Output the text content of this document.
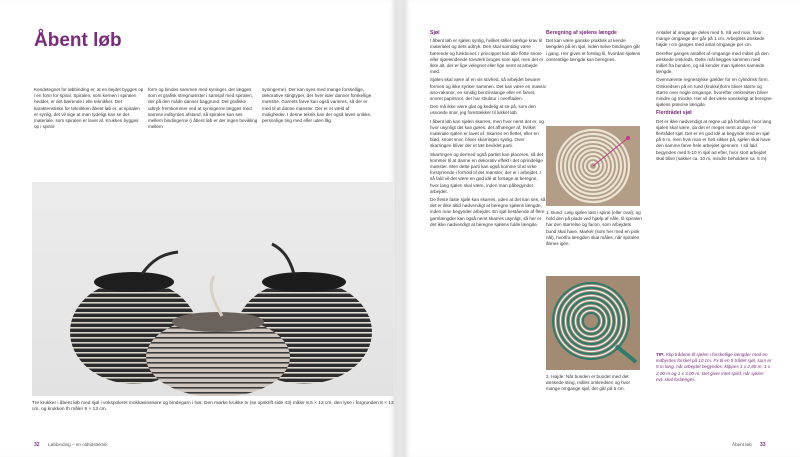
Åbent løb
Kendetegnet for løbbinding er, at en bejdet bygges op i en form for spiral. Spiralen, som kernen i spiralen hedder, er det bærende i elle teknikker. Det karakteristiske for teknikken åbent løb er, at spiralen er synlig, det vil sige at man tydeligt kan se det materiale, som spiralen er lavet af. Krukken bygges op i spiral-
form og bindes sammen med syninger, der lægges som et grafisk stregmønster i samspil med spiralen, der på den måde danner baggrund. Det grafiske udtryk fremkommer ved at syningerne lægges med samme indbyrdes afstand, så spiralen kan ses mellem bindingerne (i åbent løb er der ingen bevikling mellem
syningerne). Der kan syes med mange forskellige, dekorative stingtyper, der hver især danner forskellige mønstre. Garnets farve kan også varieres, så der er med til at danne mønster. Der er et væld af muligheder. I denne teknik kan der også laves unikke, personlige ting med eller uden låg.
Tre krukker i åbent løb med sjøl i vokspoleret mokkasinsnøre og bindegarn i hør. Den mørke krukke tv (se opskrift side 43) måler 8,5 × 13 cm, den lyse i forgrunden 8 × 13 cm, og krukken th måler 9 × 13 cm.
32 Løbbinding – en oldtidsteknik

Sjøl

I åbent løb er sjølen synlig, hvilket stiller særlige krav til materialet og dets udtryk. Den skal samtidig være bærende og funktionel. I princippet kan alle flotte snore eller sjøelendende tovværk bruges som sjøl, men det er ikke alt, der er lige velegnet eller lige nemt at arbejde med.

Sjølen skal være af en vis stivhed, så arbejdet bevarer formen og ikke synker sammen. Det kan være en massiv ano-rakonor, en smidig benzinslange eller en farvet, snoret papirsnor, der har struktur i overfladen.

Den må ikke være glat og kedelig at se på, som den usnoede snor, jeg foretrækker til lukket løb.

I åbent løb kan sjølen skarres, men hvor nemt det er, og hvor usynligt det kan gøres, det afhænger af, hvilket materiale sjølen er lavet af. Skarres en flettet, eller en blød, snoet snor, bliver skarringen synlig. Over skarringen bliver der et tæt beviklet parti.

Skarringen og dermed også partiet kan placeres, så det kommer til at danne en dekorativ effekt i det oprindelige mønster. Men dette parti kan også komme til at virke forstyrrende i forhold til det mønster, der er i arbejdet. I så fald vil det være en god idé at forsøge at beregne, hvor lang sjølen skal være, inden man påbegynder arbejdet.

De fleste faste sjøle kan skarres, uden at det kan ses, så det er ikke altid nødvendigt at beregne sjølens længde, inden man begynder arbejdet. En sjøl bestående af flere garnlængder kan også nemt skarres usynligt, så her er det ikke nødvendigt at beregne sjølens fulde længde.

Beregning af sjølens længde

Det kan være ganske praktisk at kende længden på en sjøl, inden selve bindingen går i gang. Her gives et forslag til, hvordan sjølens omtrentlige længde kan beregnes.

1. Bund: Læg sjølen løst i spiral (eller oval), og hold den på plads ved hjælp af nåle, til spiralen har den størrelse og facon, som arbejdets bund skal have. Markér (som her med en pink nål), hvorfra længden skal måles, når spiralen åbnes igen.
2. Højde: Når bunden er bundet med det ønskede sting, måles omkredsen og hvor mange omgange sjøl, der går på 5 cm.

Antallet af omgange deles med 5. Så ved man, hvor mange omgange der går på 1 cm. Arbejdets ønskede højde i cm ganges med antal omgange per cm.

Derefter ganges antallet af omgange med målet på den ønskede omkreds. Dette mål lægges sammen med målet fra bunden, og så kender man sjølens samlede længde.

Ovennævnte regnestykke gælder for en cylindrisk form. Omkredsen på en rund (krukke)form bliver større og større over nogle omgange, hvorefter omkredsen bliver mindre og mindre. Her vil det være vanskeligt at beregne sjølens præcise længde.

Flerdrådet sjøl

Det er ikke nødvendigt at regne ud på forhånd, hvor lang sjølen skal være, da det er meget nemt at øge en flertrådet sjøl. Det er en god idé at begynde med en sjøl på 5 m, men hvis man er helt sikker på, sjølen skal have den samme farve hele arbejdet igennem. I så fald begyndes med 5-10 m sjøl ad efter, hvor stort arbejdet skal blive (sakker ca. 10 m, mindre beholdere ca. 5 m).

TIP: Klip trådene til sjølen i forskellige længder med en indbyrdes forskel på 10 cm. Fx til en 5 trådet sjøl, som er 5 m lang, når arbejdet begyndes, klippes 1 x 2,80 m, 1 x 2,90 m og 1 x 3,00 m. Det giver intet spild, når sjølen evt. skal forlænges.
Åbent løb 33
